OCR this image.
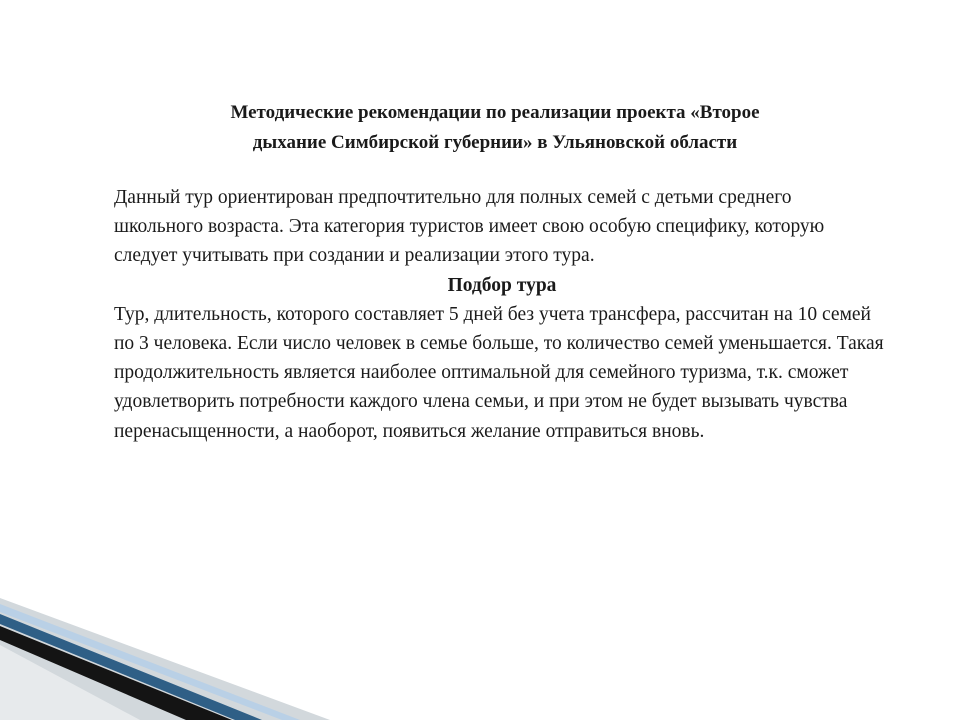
Методические рекомендации по реализации проекта «Второе
дыхание Симбирской губернии» в Ульяновской области

Данный тур ориентирован предпочтительно для полных семей с детьми среднего школьного возраста. Эта категория туристов имеет свою особую специфику, которую следует учитывать при создании и реализации этого тура.

Подбор тура

Тур, длительность, которого составляет 5 дней без учета трансфера, рассчитан на 10 семей по 3 человека. Если число человек в семье больше, то количество семей уменьшается. Такая продолжительность является наиболее оптимальной для семейного туризма, т.к. сможет удовлетворить потребности каждого члена семьи, и при этом не будет вызывать чувства перенасыщенности, а наоборот, появиться желание отправиться вновь.
